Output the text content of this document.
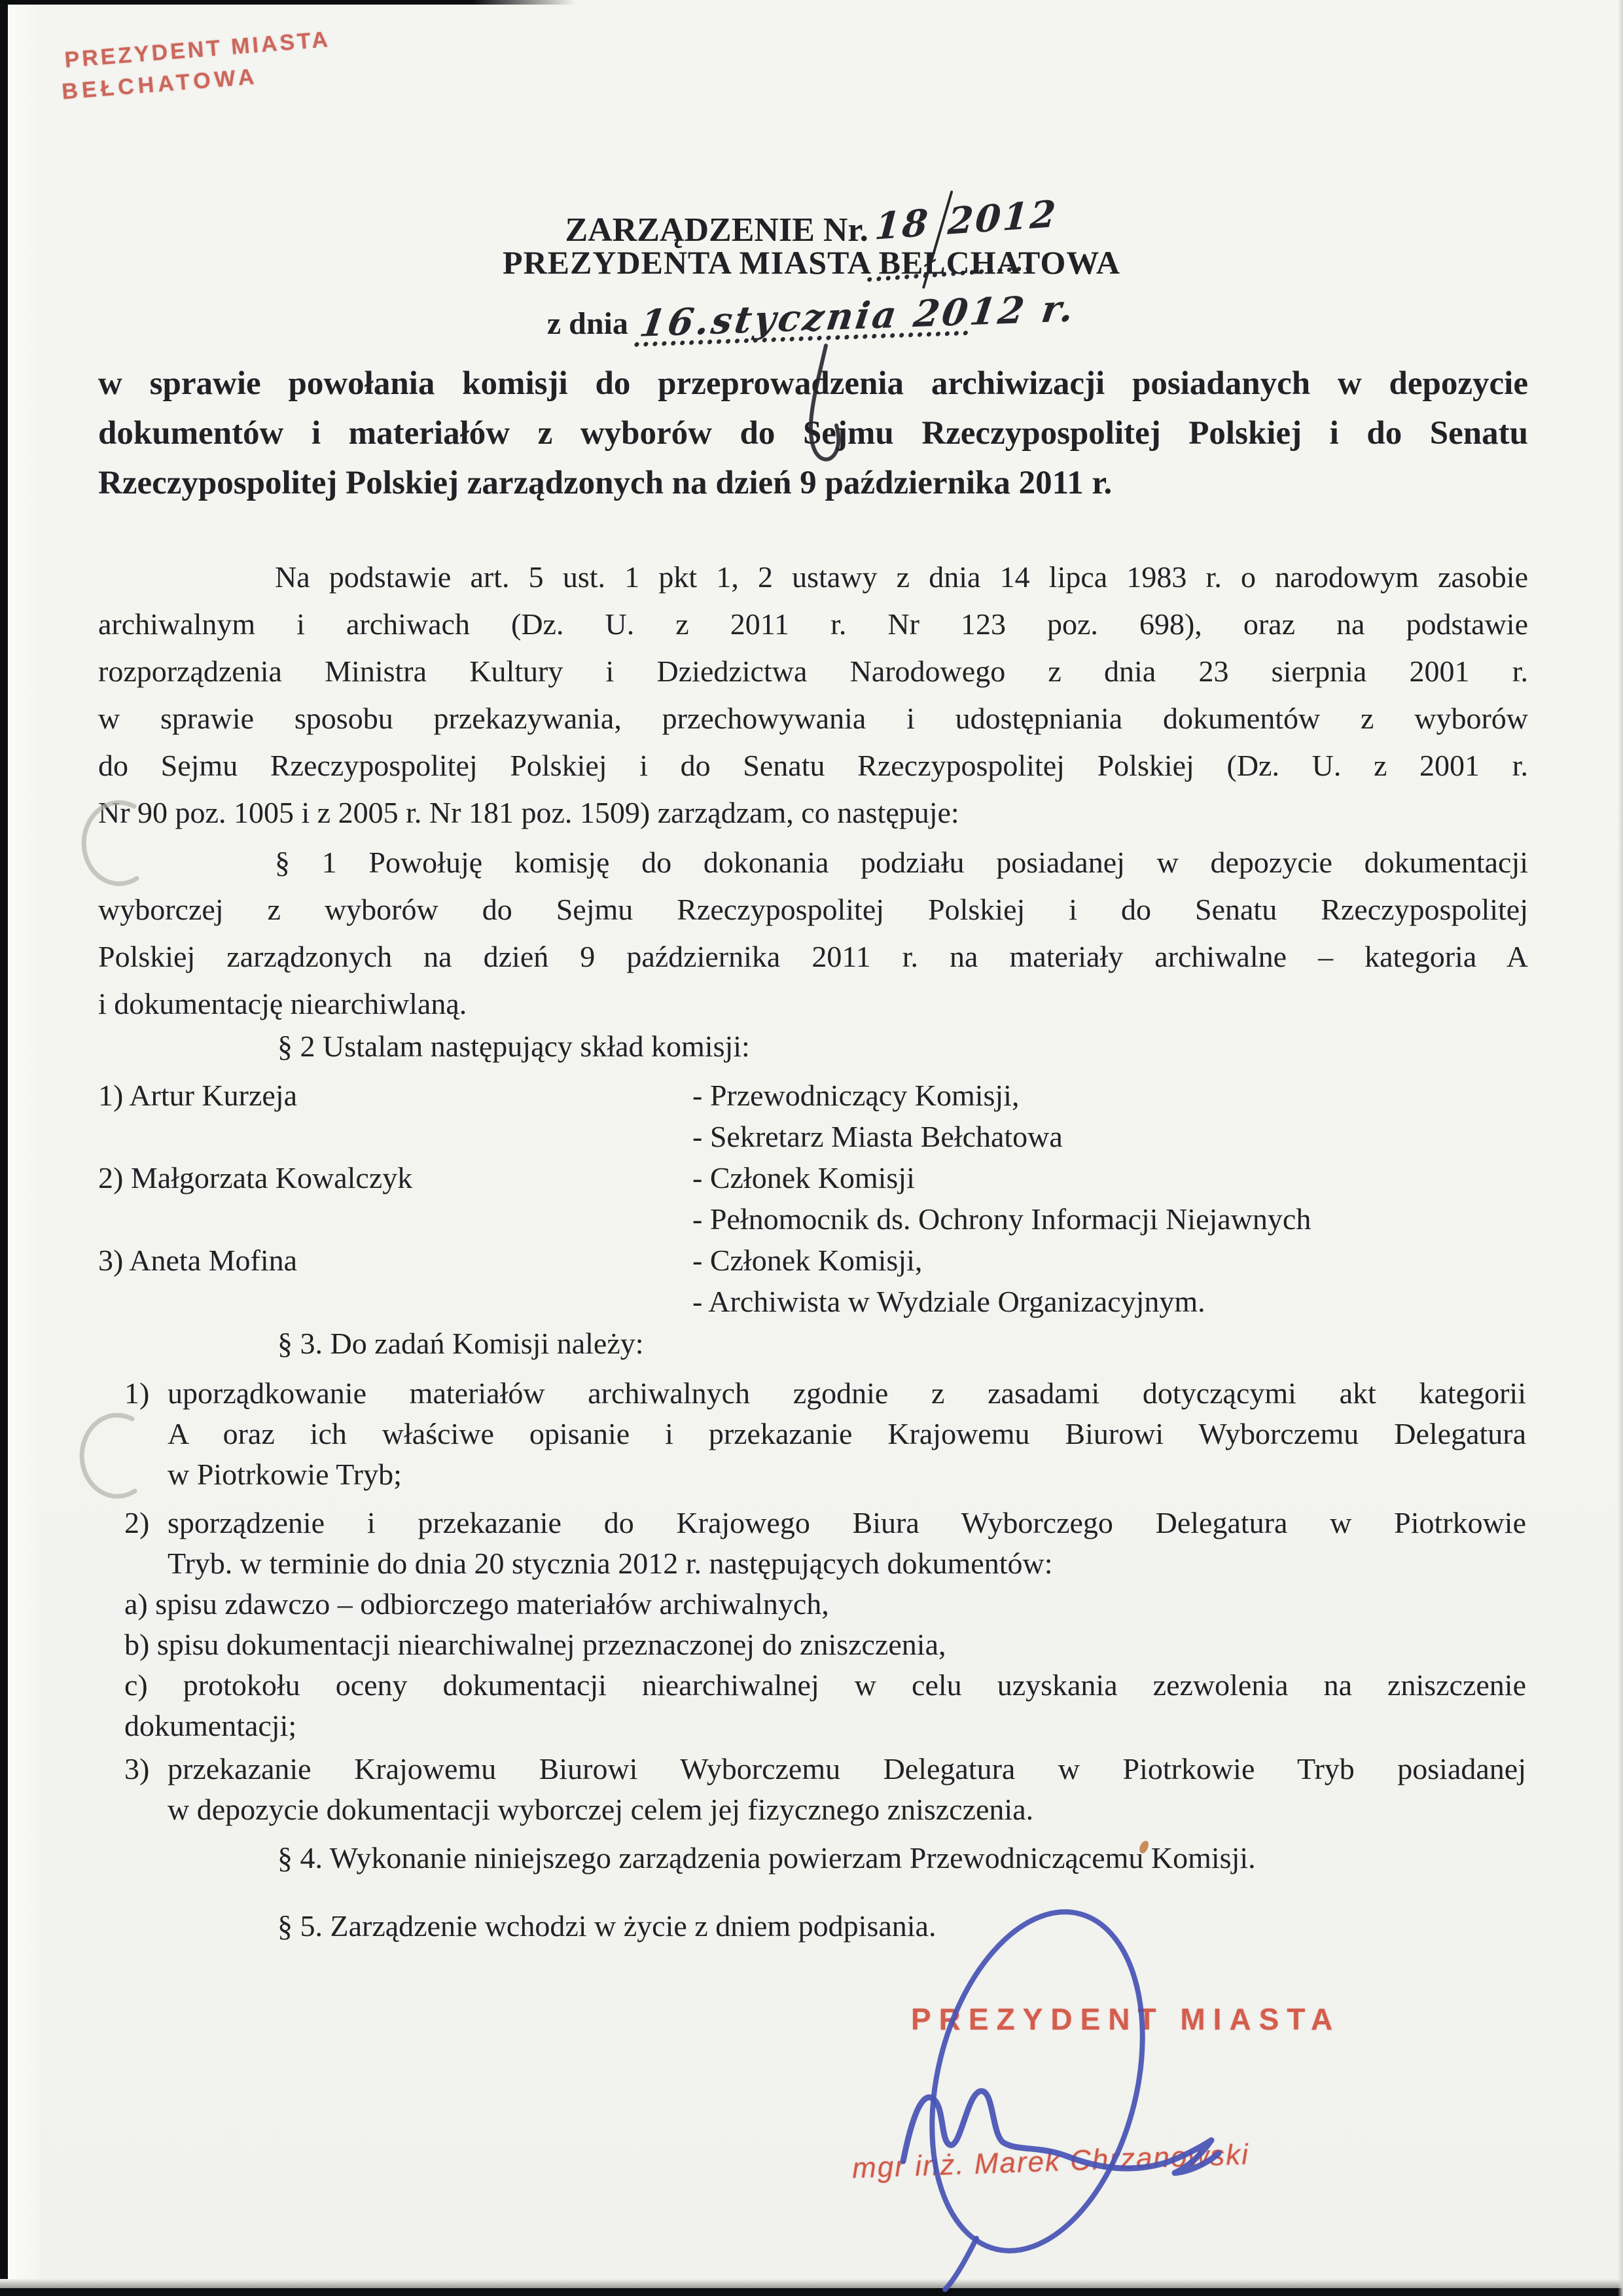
PREZYDENT MIASTA
BEŁCHATOWA
ZARZĄDZENIE Nr. 18 2012
PREZYDENTA MIASTA BEŁCHATOWA
z dnia 16.stycznia 2012 r.
w sprawie powołania komisji do przeprowadzenia archiwizacji posiadanych w depozycie
dokumentów i materiałów z wyborów do Sejmu Rzeczypospolitej Polskiej i do Senatu
Rzeczypospolitej Polskiej zarządzonych na dzień 9 października 2011 r.
Na podstawie art. 5 ust. 1 pkt 1, 2 ustawy z dnia 14 lipca 1983 r. o narodowym zasobie
archiwalnym i archiwach (Dz. U. z 2011 r. Nr 123 poz. 698), oraz na podstawie
rozporządzenia Ministra Kultury i Dziedzictwa Narodowego z dnia 23 sierpnia 2001 r.
w sprawie sposobu przekazywania, przechowywania i udostępniania dokumentów z wyborów
do Sejmu Rzeczypospolitej Polskiej i do Senatu Rzeczypospolitej Polskiej (Dz. U. z 2001 r.
Nr 90 poz. 1005 i z 2005 r. Nr 181 poz. 1509) zarządzam, co następuje:
§ 1 Powołuję komisję do dokonania podziału posiadanej w depozycie dokumentacji
wyborczej z wyborów do Sejmu Rzeczypospolitej Polskiej i do Senatu Rzeczypospolitej
Polskiej zarządzonych na dzień 9 października 2011 r. na materiały archiwalne – kategoria A
i dokumentację niearchiwlaną.
§ 2 Ustalam następujący skład komisji:
1) Artur Kurzeja	- Przewodniczący Komisji,
- Sekretarz Miasta Bełchatowa
2) Małgorzata Kowalczyk	- Członek Komisji
- Pełnomocnik ds. Ochrony Informacji Niejawnych
3) Aneta Mofina	- Członek Komisji,
- Archiwista w Wydziale Organizacyjnym.
§ 3. Do zadań Komisji należy:
1) uporządkowanie materiałów archiwalnych zgodnie z zasadami dotyczącymi akt kategorii
A oraz ich właściwe opisanie i przekazanie Krajowemu Biurowi Wyborczemu Delegatura
w Piotrkowie Tryb;
2) sporządzenie i przekazanie do Krajowego Biura Wyborczego Delegatura w Piotrkowie
Tryb. w terminie do dnia 20 stycznia 2012 r. następujących dokumentów:
a) spisu zdawczo – odbiorczego materiałów archiwalnych,
b) spisu dokumentacji niearchiwalnej przeznaczonej do zniszczenia,
c) protokołu oceny dokumentacji niearchiwalnej w celu uzyskania zezwolenia na zniszczenie
dokumentacji;
3) przekazanie Krajowemu Biurowi Wyborczemu Delegatura w Piotrkowie Tryb posiadanej
w depozycie dokumentacji wyborczej celem jej fizycznego zniszczenia.
§ 4. Wykonanie niniejszego zarządzenia powierzam Przewodniczącemu Komisji.
§ 5. Zarządzenie wchodzi w życie z dniem podpisania.
PREZYDENT MIASTA
mgr inż. Marek Chrzanowski
